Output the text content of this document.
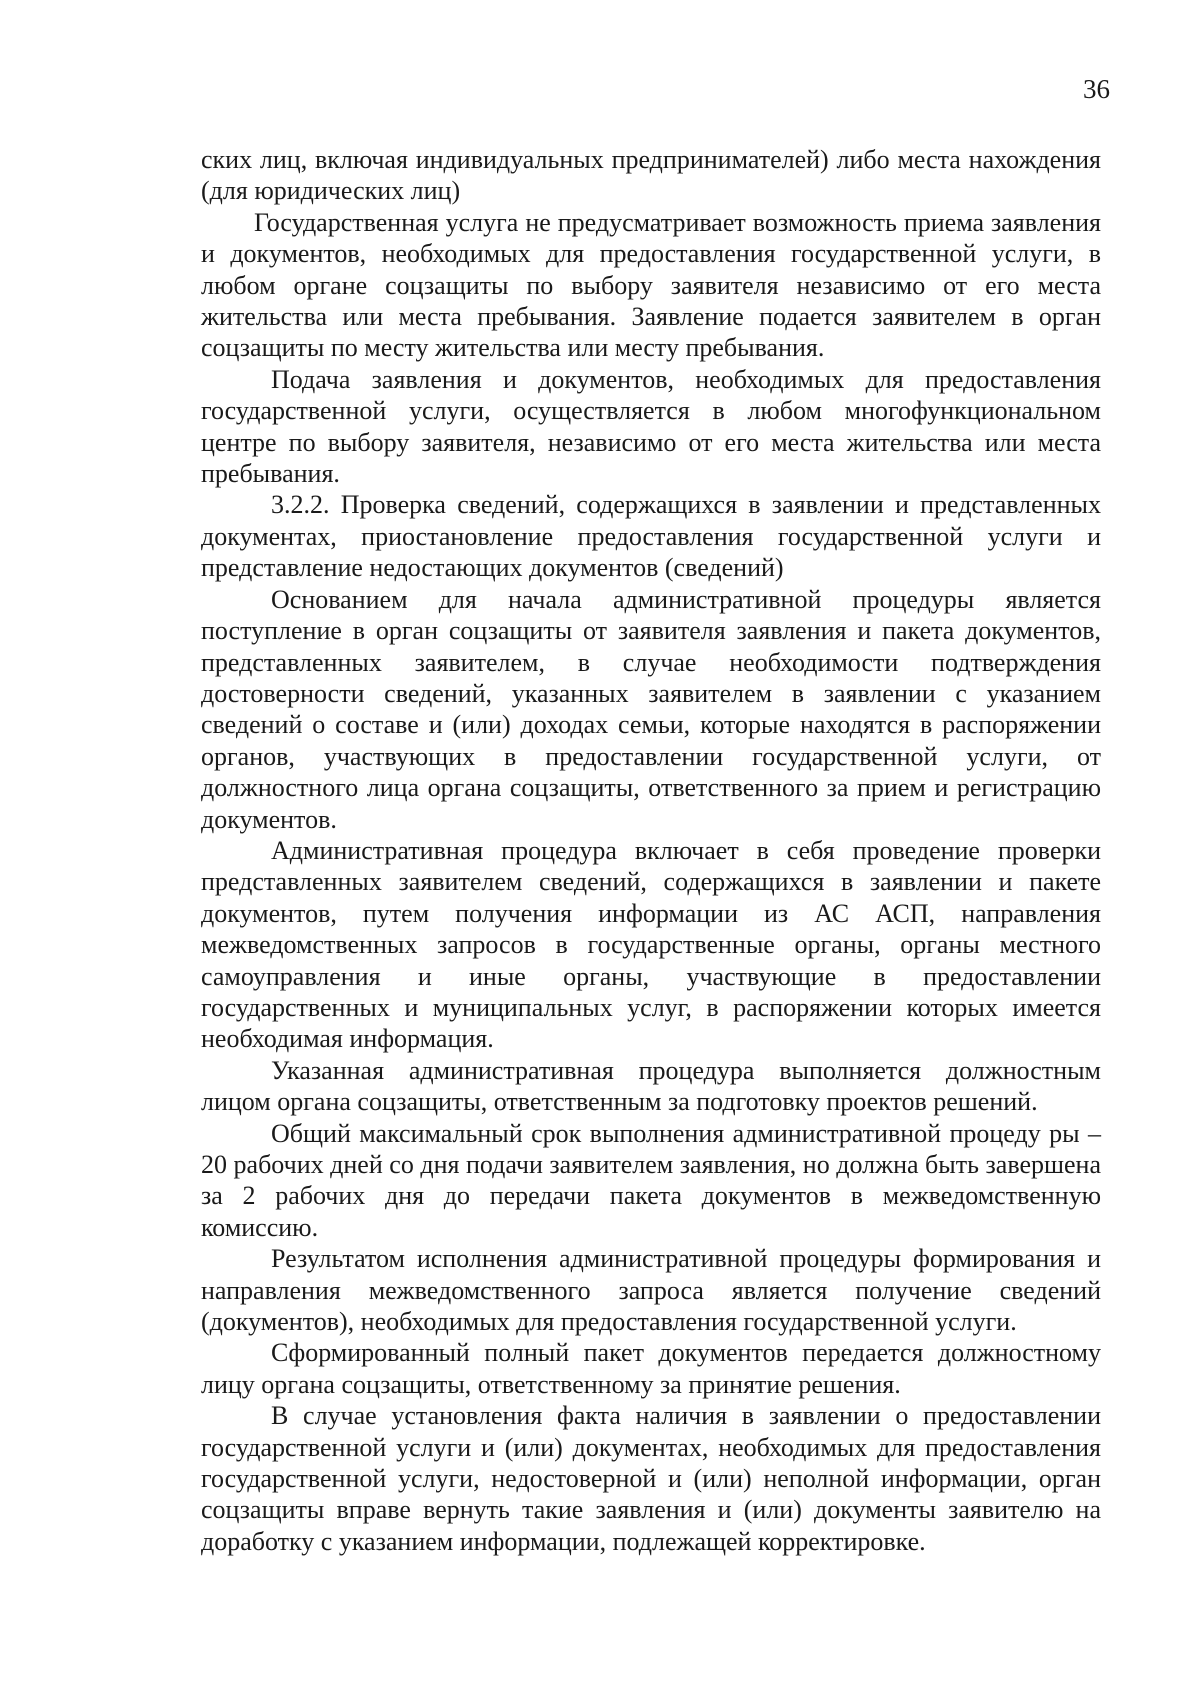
36

ских лиц, включая индивидуальных предпринимателей) либо места нахождения (для юридических лиц)

Государственная услуга не предусматривает возможность приема заявления и документов, необходимых для предоставления государственной услуги, в любом органе соцзащиты по выбору заявителя независимо от его места жительства или места пребывания. Заявление подается заявителем в орган соцзащиты по месту жительства или месту пребывания.

Подача заявления и документов, необходимых для предоставления государственной услуги, осуществляется в любом многофункциональном центре по выбору заявителя, независимо от его места жительства или места пребывания.

3.2.2. Проверка сведений, содержащихся в заявлении и представленных документах, приостановление предоставления государственной услуги и представление недостающих документов (сведений)

Основанием для начала административной процедуры является поступление в орган соцзащиты от заявителя заявления и пакета документов, представленных заявителем, в случае необходимости подтверждения достоверности сведений, указанных заявителем в заявлении с указанием сведений о составе и (или) доходах семьи, которые находятся в распоряжении органов, участвующих в предоставлении государственной услуги, от должностного лица органа соцзащиты, ответственного за прием и регистрацию документов.

Административная процедура включает в себя проведение проверки представленных заявителем сведений, содержащихся в заявлении и пакете документов, путем получения информации из АС АСП, направления межведомственных запросов в государственные органы, органы местного самоуправления и иные органы, участвующие в предоставлении государственных и муниципальных услуг, в распоряжении которых имеется необходимая информация.

Указанная административная процедура выполняется должностным лицом органа соцзащиты, ответственным за подготовку проектов решений.

Общий максимальный срок выполнения административной процеду ры – 20 рабочих дней со дня подачи заявителем заявления, но должна быть завершена за 2 рабочих дня до передачи пакета документов в межведомственную комиссию.

Результатом исполнения административной процедуры формирования и направления межведомственного запроса является получение сведений (документов), необходимых для предоставления государственной услуги.

Сформированный полный пакет документов передается должностному лицу органа соцзащиты, ответственному за принятие решения.

В случае установления факта наличия в заявлении о предоставлении государственной услуги и (или) документах, необходимых для предоставления государственной услуги, недостоверной и (или) неполной информации, орган соцзащиты вправе вернуть такие заявления и (или) документы заявителю на доработку с указанием информации, подлежащей корректировке.
